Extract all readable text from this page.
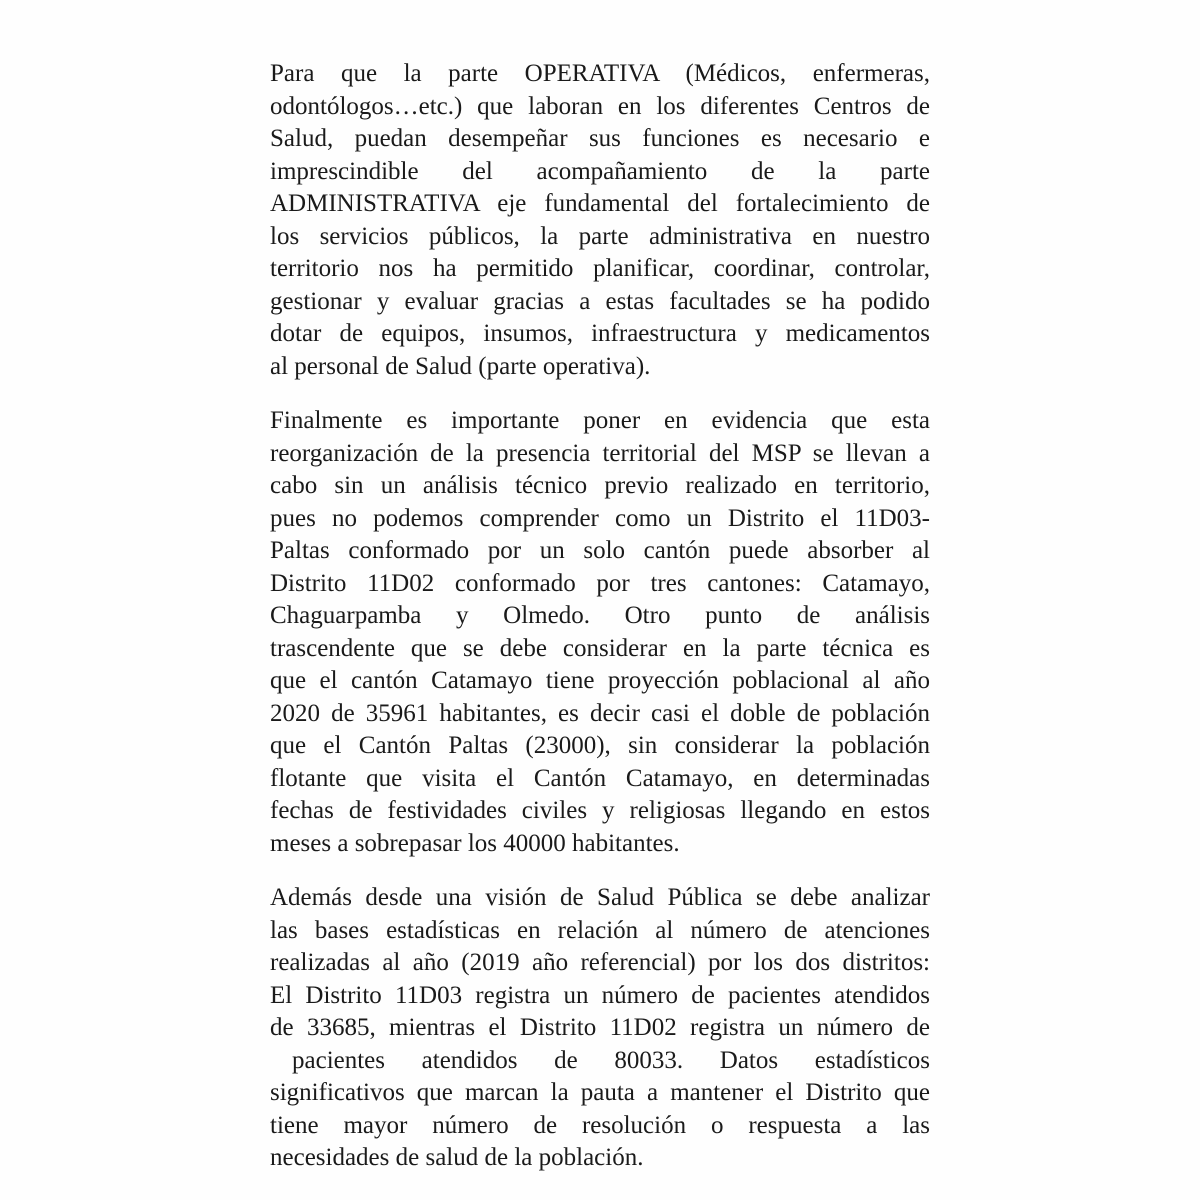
Para que la parte OPERATIVA (Médicos, enfermeras,
odontólogos…etc.) que laboran en los diferentes Centros de
Salud, puedan desempeñar sus funciones es necesario e
imprescindible del acompañamiento de la parte
ADMINISTRATIVA eje fundamental del fortalecimiento de
los servicios públicos, la parte administrativa en nuestro
territorio nos ha permitido planificar, coordinar, controlar,
gestionar y evaluar gracias a estas facultades se ha podido
dotar de equipos, insumos, infraestructura y medicamentos
al personal de Salud (parte operativa).

Finalmente es importante poner en evidencia que esta
reorganización de la presencia territorial del MSP se llevan a
cabo sin un análisis técnico previo realizado en territorio,
pues no podemos comprender como un Distrito el 11D03-
Paltas conformado por un solo cantón puede absorber al
Distrito 11D02 conformado por tres cantones: Catamayo,
Chaguarpamba y Olmedo. Otro punto de análisis
trascendente que se debe considerar en la parte técnica es
que el cantón Catamayo tiene proyección poblacional al año
2020 de 35961 habitantes, es decir casi el doble de población
que el Cantón Paltas (23000), sin considerar la población
flotante que visita el Cantón Catamayo, en determinadas
fechas de festividades civiles y religiosas llegando en estos
meses a sobrepasar los 40000 habitantes.

Además desde una visión de Salud Pública se debe analizar
las bases estadísticas en relación al número de atenciones
realizadas al año (2019 año referencial) por los dos distritos:
El Distrito 11D03 registra un número de pacientes atendidos
de 33685, mientras el Distrito 11D02 registra un número de
pacientes atendidos de 80033. Datos estadísticos
significativos que marcan la pauta a mantener el Distrito que
tiene mayor número de resolución o respuesta a las
necesidades de salud de la población.
